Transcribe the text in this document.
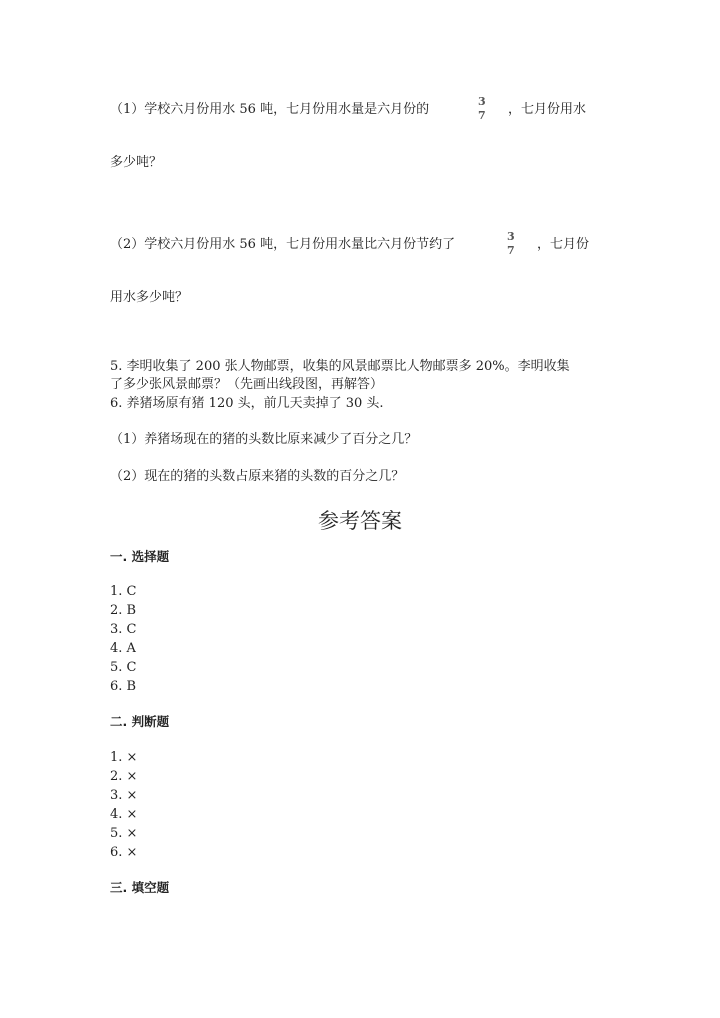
（1）学校六月份用水 56 吨，七月份用水量是六月份的
3
7 ，七月份用水
多少吨？
（2）学校六月份用水 56 吨，七月份用水量比六月份节约了
3
7 ，七月份
用水多少吨？
5. 李明收集了 200 张人物邮票，收集的风景邮票比人物邮票多 20%。李明收集
了多少张风景邮票？（先画出线段图，再解答）
6. 养猪场原有猪 120 头，前几天卖掉了 30 头.
（1）养猪场现在的猪的头数比原来减少了百分之几？
（2）现在的猪的头数占原来猪的头数的百分之几？
参考答案
一. 选择题
1. C
2. B
3. C
4. A
5. C
6. B
二. 判断题
1. ×
2. ×
3. ×
4. ×
5. ×
6. ×
三. 填空题
